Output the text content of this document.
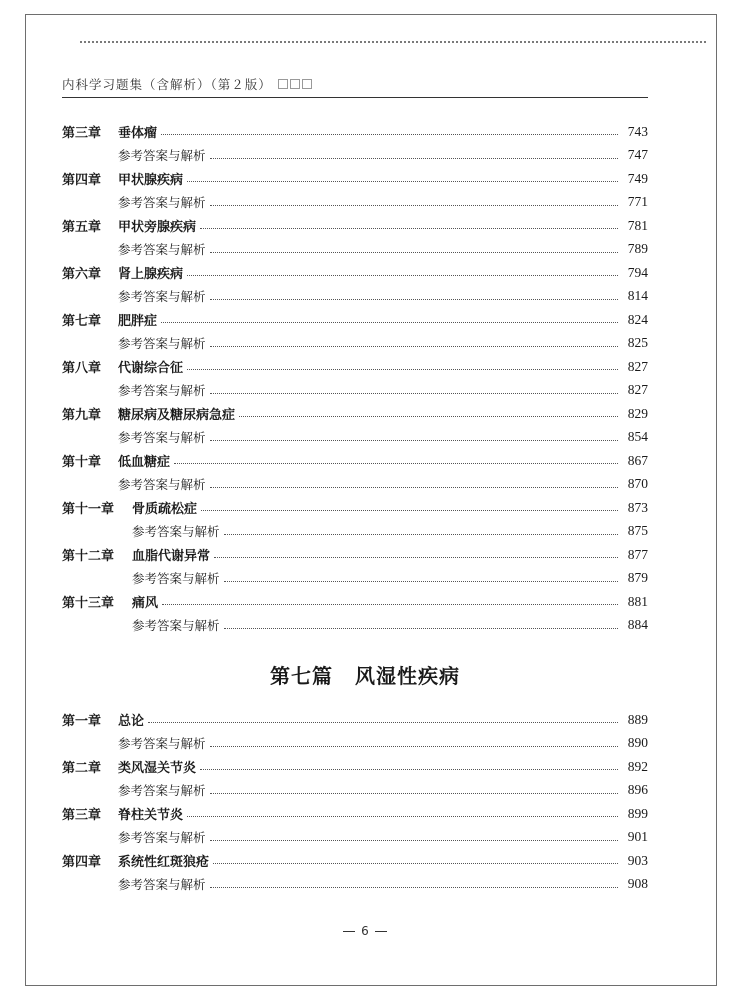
内科学习题集（含解析）（第２版）
第三章	垂体瘤	743
参考答案与解析	747
第四章	甲状腺疾病	749
参考答案与解析	771
第五章	甲状旁腺疾病	781
参考答案与解析	789
第六章	肾上腺疾病	794
参考答案与解析	814
第七章	肥胖症	824
参考答案与解析	825
第八章	代谢综合征	827
参考答案与解析	827
第九章	糖尿病及糖尿病急症	829
参考答案与解析	854
第十章	低血糖症	867
参考答案与解析	870
第十一章	骨质疏松症	873
参考答案与解析	875
第十二章	血脂代谢异常	877
参考答案与解析	879
第十三章	痛风	881
参考答案与解析	884
第七篇 风湿性疾病
第一章	总论	889
参考答案与解析	890
第二章	类风湿关节炎	892
参考答案与解析	896
第三章	脊柱关节炎	899
参考答案与解析	901
第四章	系统性红斑狼疮	903
参考答案与解析	908
6
